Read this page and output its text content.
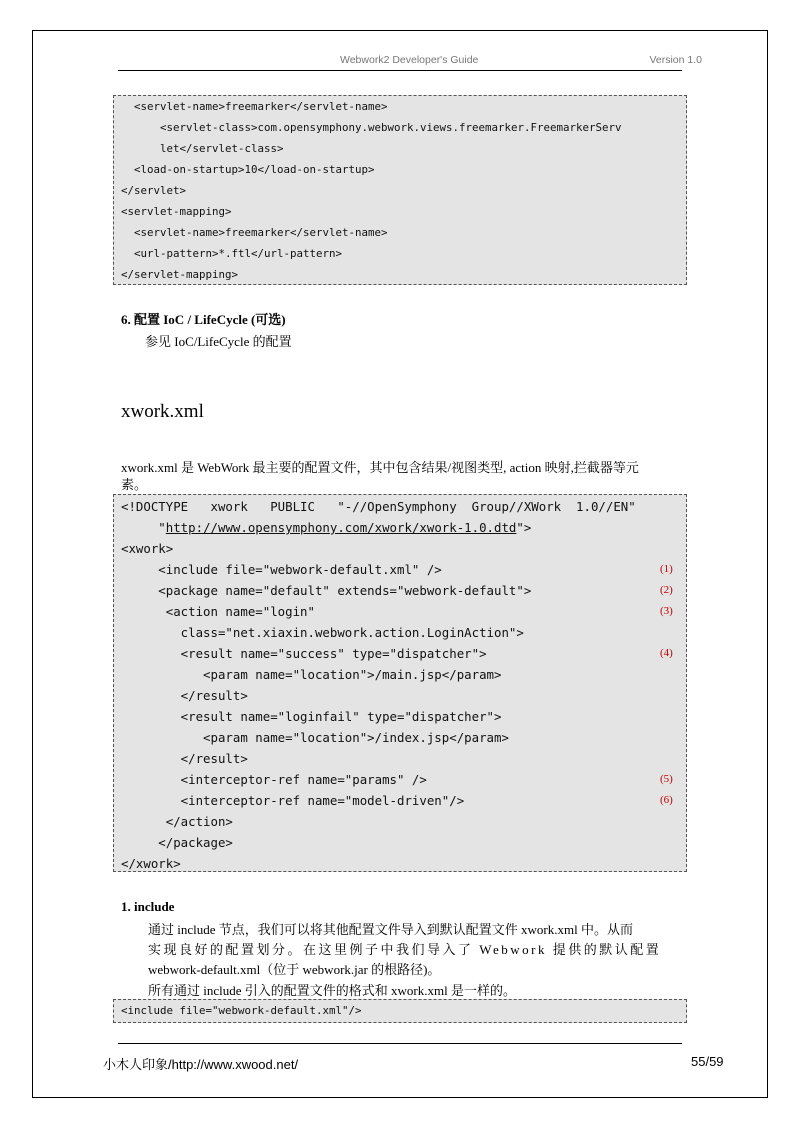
Webwork2 Developer's Guide	Version 1.0
<servlet-name>freemarker</servlet-name>
<servlet-class>com.opensymphony.webwork.views.freemarker.FreemarkerServ
let</servlet-class>
<load-on-startup>10</load-on-startup>
</servlet>
<servlet-mapping>
<servlet-name>freemarker</servlet-name>
<url-pattern>*.ftl</url-pattern>
</servlet-mapping>
6. 配置 IoC / LifeCycle (可选)
参见 IoC/LifeCycle 的配置
xwork.xml
xwork.xml 是 WebWork 最主要的配置文件，其中包含结果/视图类型, action 映射,拦截器等元
素。
<!DOCTYPE   xwork   PUBLIC   "-//OpenSymphony  Group//XWork  1.0//EN"
"http://www.opensymphony.com/xwork/xwork-1.0.dtd">
<xwork>
<include file="webwork-default.xml" />
<package name="default" extends="webwork-default">
<action name="login"
class="net.xiaxin.webwork.action.LoginAction">
<result name="success" type="dispatcher">
<param name="location">/main.jsp</param>
</result>
<result name="loginfail" type="dispatcher">
<param name="location">/index.jsp</param>
</result>
<interceptor-ref name="params" />
<interceptor-ref name="model-driven"/>
</action>
</package>
</xwork>
(1)
(2)
(3)
(4)
(5)
(6)
1. include
通过 include 节点，我们可以将其他配置文件导入到默认配置文件 xwork.xml 中。从而
实现良好的配置划分。在这里例子中我们导入了 Webwork 提供的默认配置
webwork-default.xml（位于 webwork.jar 的根路径)。
所有通过 include 引入的配置文件的格式和 xwork.xml 是一样的。
<include file="webwork-default.xml"/>
小木人印象/http://www.xwood.net/	55/59
